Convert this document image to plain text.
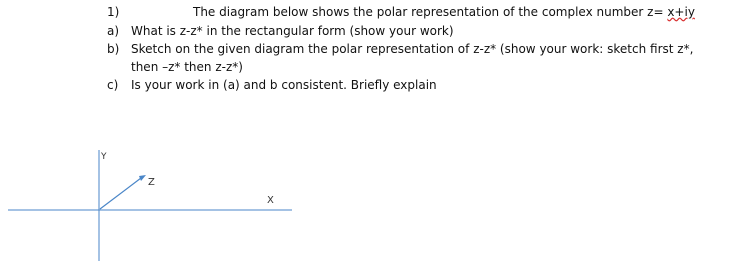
1)	The diagram below shows the polar representation of the complex number z= x+iy
a) What is z-z* in the rectangular form (show your work)
b) Sketch on the given diagram the polar representation of z-z* (show your work: sketch first z*,
then –z* then z-z*)
c) Is your work in (a) and b consistent. Briefly explain
Y
Z
X
